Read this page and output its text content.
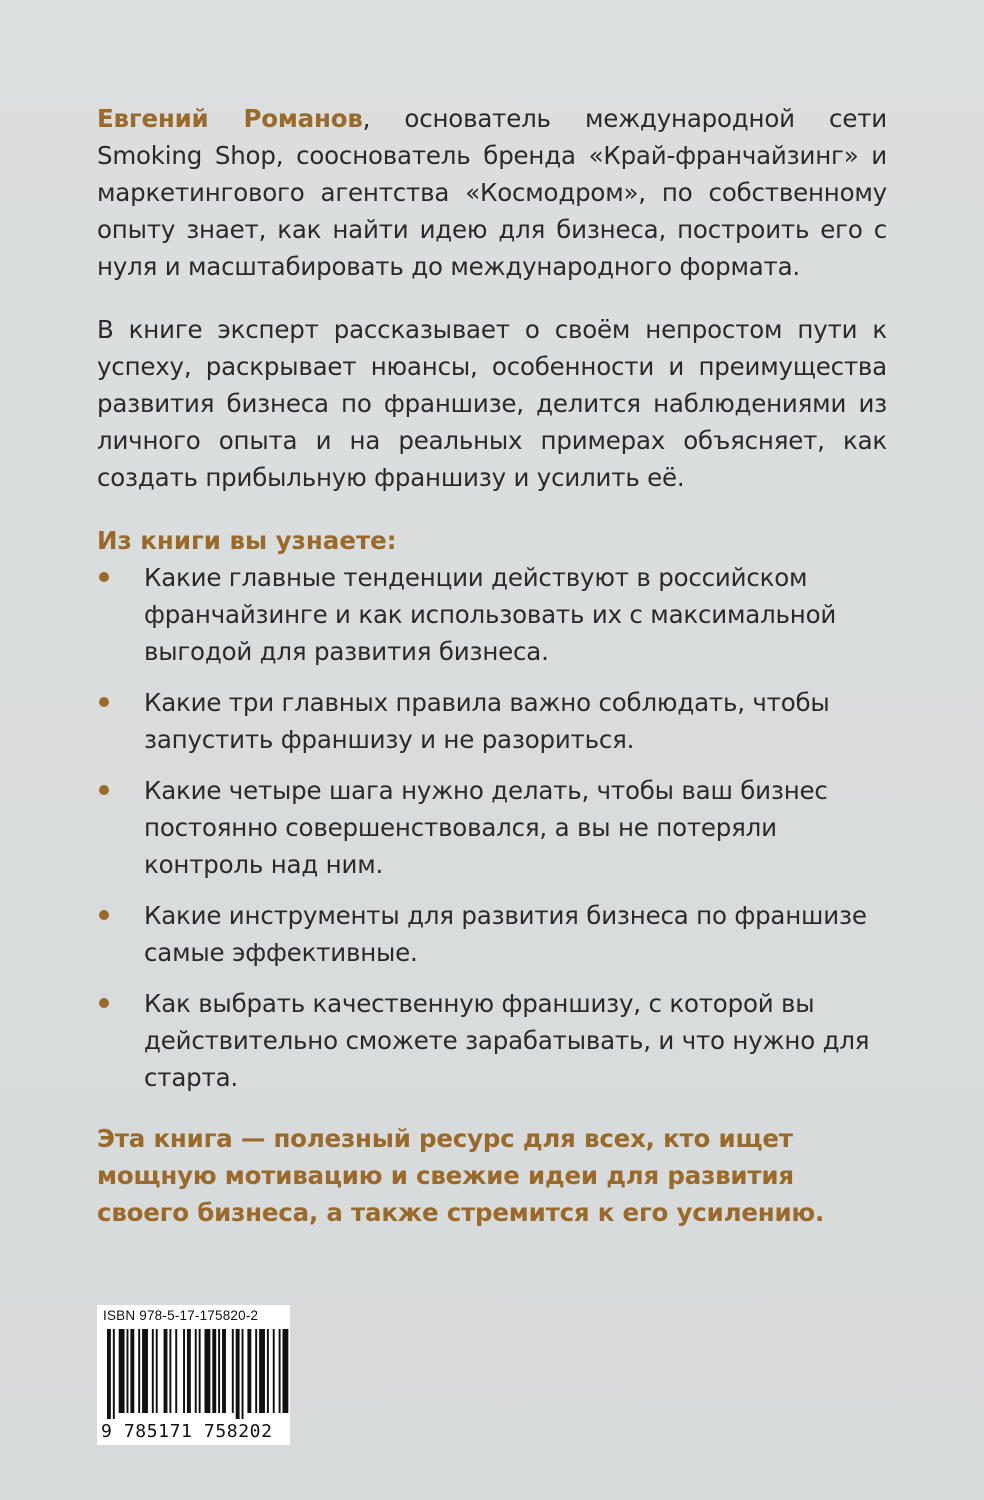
Евгений Романов, основатель международной сети Smoking Shop, сооснователь бренда «Край-франчайзинг» и маркетингового агентства «Космодром», по собственному опыту знает, как найти идею для бизнеса, построить его с нуля и масштабировать до международного формата.

В книге эксперт рассказывает о своём непростом пути к успеху, раскрывает нюансы, особенности и преимущества развития бизнеса по франшизе, делится наблюдениями из личного опыта и на реальных примерах объясняет, как создать прибыльную франшизу и усилить её.

Из книги вы узнаете:
Какие главные тенденции действуют в российском франчайзинге и как использовать их с максимальной выгодой для развития бизнеса.
Какие три главных правила важно соблюдать, чтобы запустить франшизу и не разориться.
Какие четыре шага нужно делать, чтобы ваш бизнес постоянно совершенствовался, а вы не потеряли контроль над ним.
Какие инструменты для развития бизнеса по франшизе самые эффективные.
Как выбрать качественную франшизу, с которой вы действительно сможете зарабатывать, и что нужно для старта.

Эта книга — полезный ресурс для всех, кто ищет мощную мотивацию и свежие идеи для развития своего бизнеса, а также стремится к его усилению.

ISBN 978-5-17-175820-2
9 785171 758202
